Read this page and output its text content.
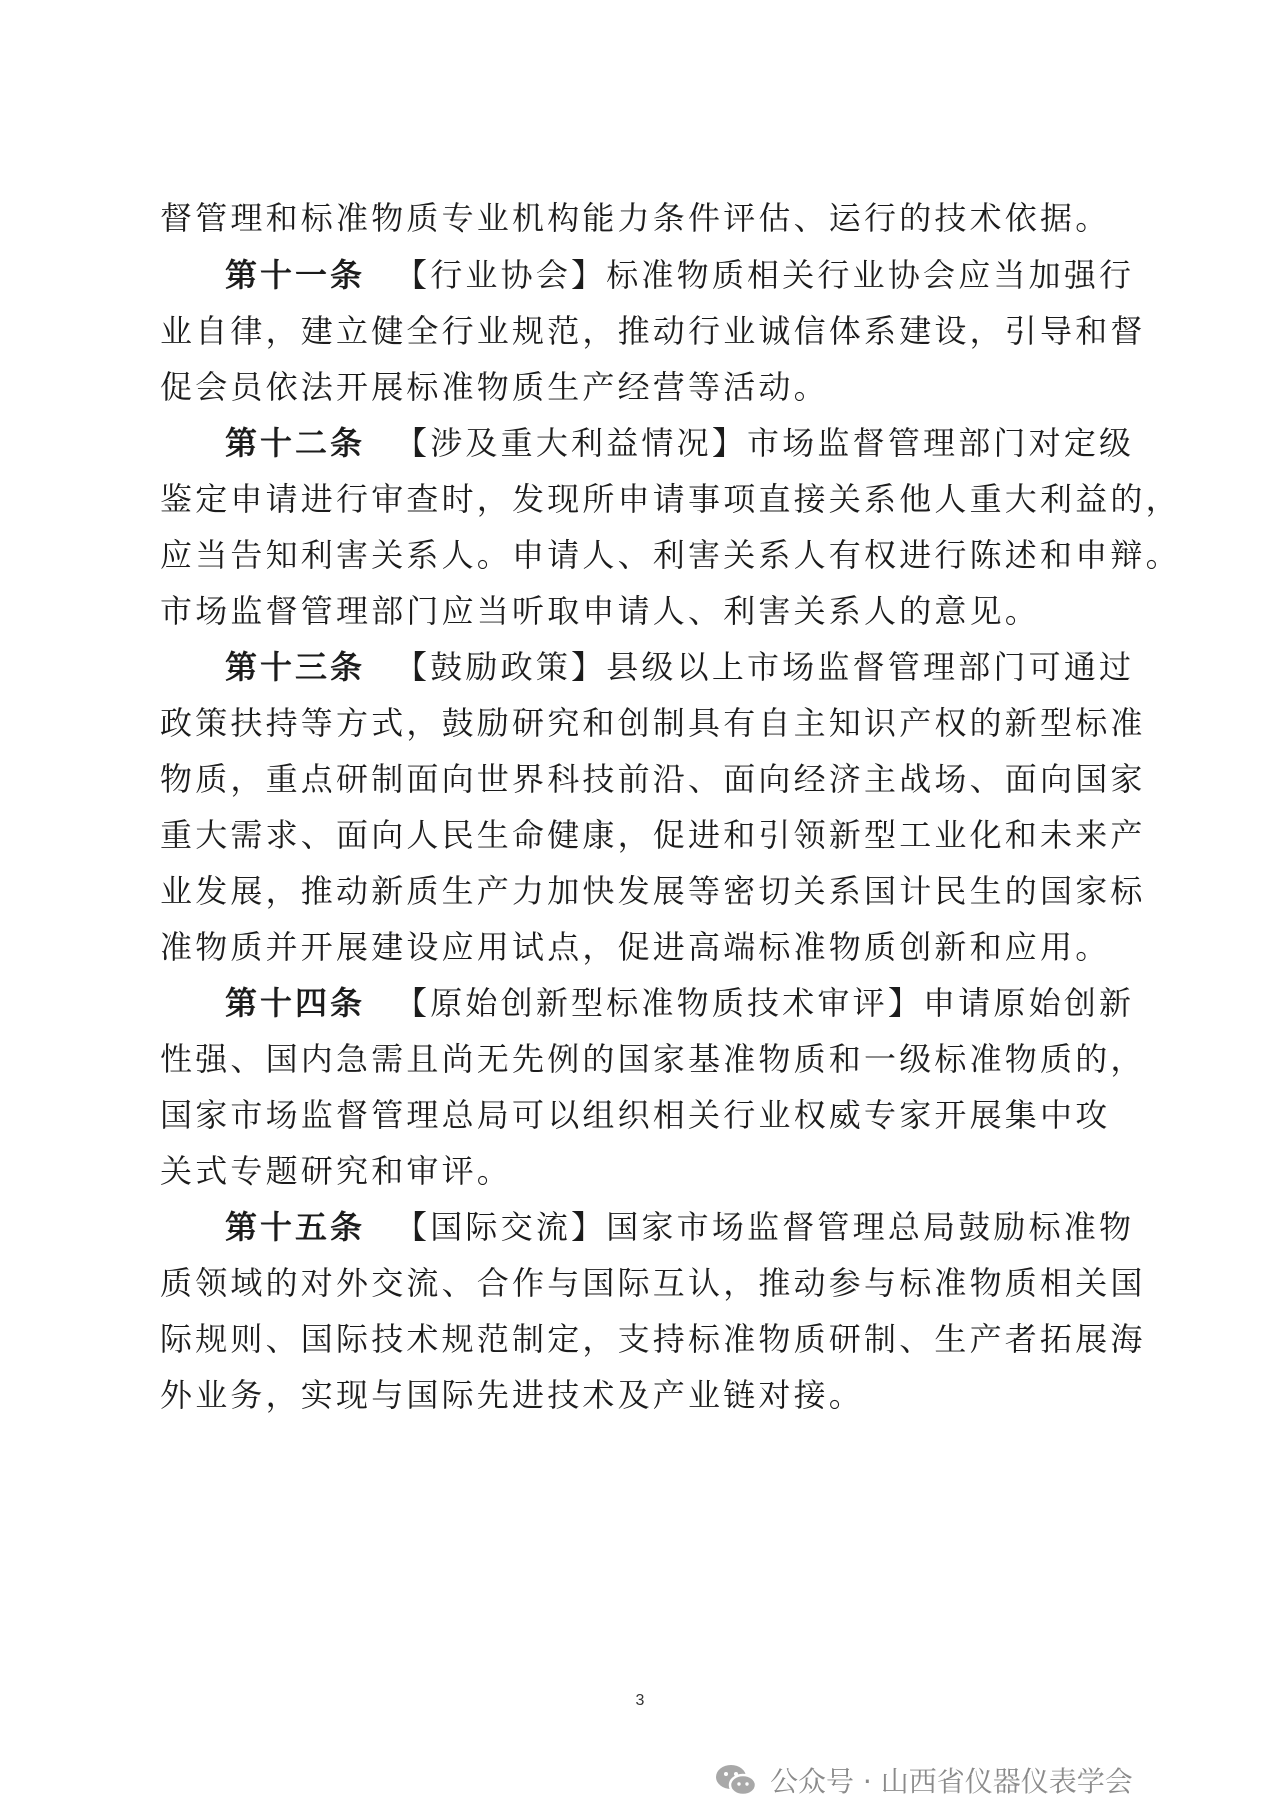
督管理和标准物质专业机构能力条件评估、运行的技术依据。
第十一条 【行业协会】标准物质相关行业协会应当加强行
业自律，建立健全行业规范，推动行业诚信体系建设，引导和督
促会员依法开展标准物质生产经营等活动。
第十二条 【涉及重大利益情况】市场监督管理部门对定级
鉴定申请进行审查时，发现所申请事项直接关系他人重大利益的，
应当告知利害关系人。申请人、利害关系人有权进行陈述和申辩。
市场监督管理部门应当听取申请人、利害关系人的意见。
第十三条 【鼓励政策】县级以上市场监督管理部门可通过
政策扶持等方式，鼓励研究和创制具有自主知识产权的新型标准
物质，重点研制面向世界科技前沿、面向经济主战场、面向国家
重大需求、面向人民生命健康，促进和引领新型工业化和未来产
业发展，推动新质生产力加快发展等密切关系国计民生的国家标
准物质并开展建设应用试点，促进高端标准物质创新和应用。
第十四条 【原始创新型标准物质技术审评】申请原始创新
性强、国内急需且尚无先例的国家基准物质和一级标准物质的，
国家市场监督管理总局可以组织相关行业权威专家开展集中攻
关式专题研究和审评。
第十五条 【国际交流】国家市场监督管理总局鼓励标准物
质领域的对外交流、合作与国际互认，推动参与标准物质相关国
际规则、国际技术规范制定，支持标准物质研制、生产者拓展海
外业务，实现与国际先进技术及产业链对接。
3
公众号 · 山西省仪器仪表学会
